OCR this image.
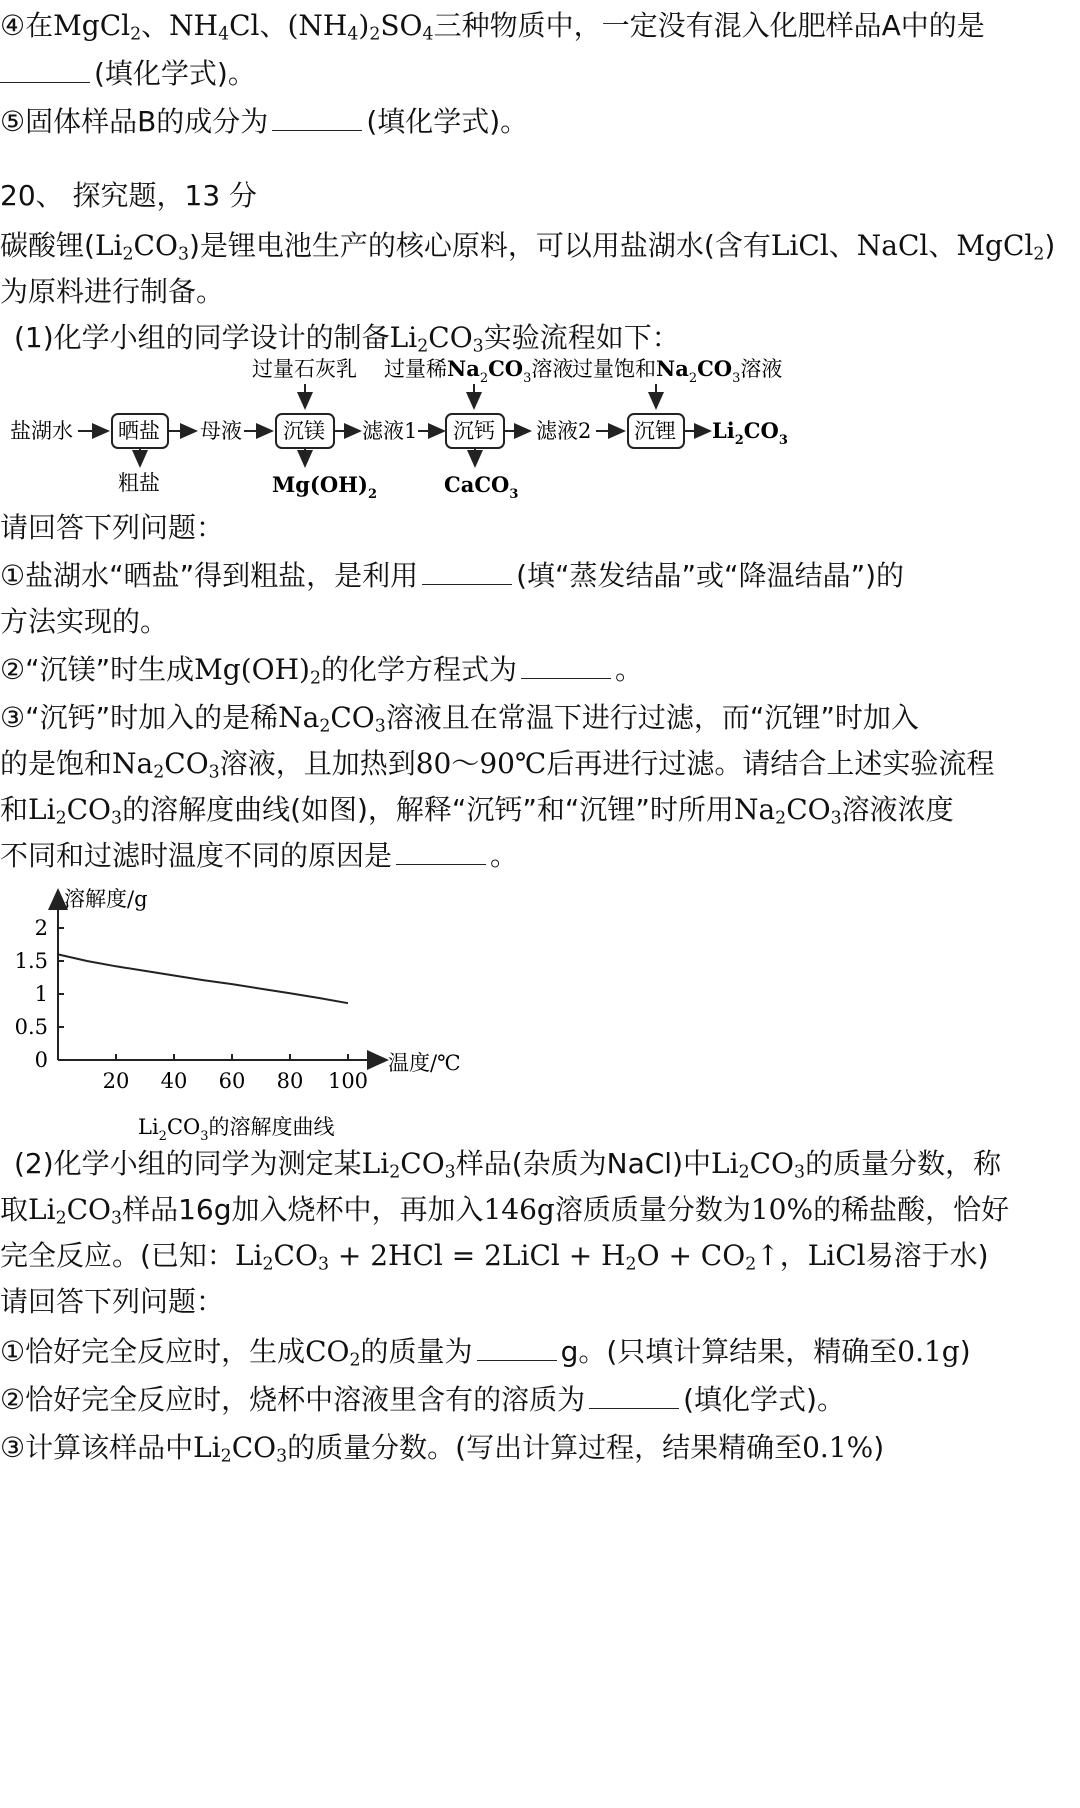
④在MgCl$_2$、$NH_4Cl$、$(NH_4)_2SO_4$三种物质中，一定没有混入化肥样品A中的是
(填化学式)。
⑤固体样品B的成分为	(填化学式)。
20、 探究题，13 分
碳酸锂$(Li_2CO_3)$是锂电池生产的核心原料，可以用盐湖水(含有LiCl、NaCl、MgCl$_2$)
为原料进行制备。
(1)化学小组的同学设计的制备$Li_2CO_3$实验流程如下：
过量石灰乳 过量稀$Na_2CO_3$溶液
过量饱和$Na_2CO_3$溶液
盐湖水 晒盐 母液 沉镁 滤液1 沉钙 滤液2 沉锂 $Li_2CO_3$
粗盐	$Mg(OH)_2$	CaCO$_3$
请回答下列问题：
①盐湖水“晒盐”得到粗盐，是利用	(填“蒸发结晶”或“降温结晶”)的
方法实现的。
②“沉镁”时生成$Mg(OH)_2$的化学方程式为	。
③“沉钙”时加入的是稀$Na_2CO_3$溶液且在常温下进行过滤，而“沉锂”时加入
的是饱和$Na_2CO_3$溶液，且加热到80～90℃后再进行过滤。请结合上述实验流程
和$Li_2CO_3$的溶解度曲线(如图)，解释“沉钙”和“沉锂”时所用$Na_2CO_3$溶液浓度
不同和过滤时温度不同的原因是	。
0
0.5
1
1.5
2
20 40 60 80 100
溶解度/g
温度/℃
$Li_2CO_3$的溶解度曲线
(2)化学小组的同学为测定某$Li_2CO_3$样品(杂质为NaCl)中$Li_2CO_3$的质量分数，称
取$Li_2CO_3$样品16g加入烧杯中，再加入146g溶质质量分数为10%的稀盐酸，恰好
完全反应。(已知：$Li_2CO_3 + 2HCl$ = 2LiCl + $H_2O$ + $CO_2↑$，LiCl易溶于水)
请回答下列问题：
①恰好完全反应时，生成$CO_2$的质量为	g。(只填计算结果，精确至0.1g)
②恰好完全反应时，烧杯中溶液里含有的溶质为	(填化学式)。
③计算该样品中$Li_2CO_3$的质量分数。(写出计算过程，结果精确至0.1%)
